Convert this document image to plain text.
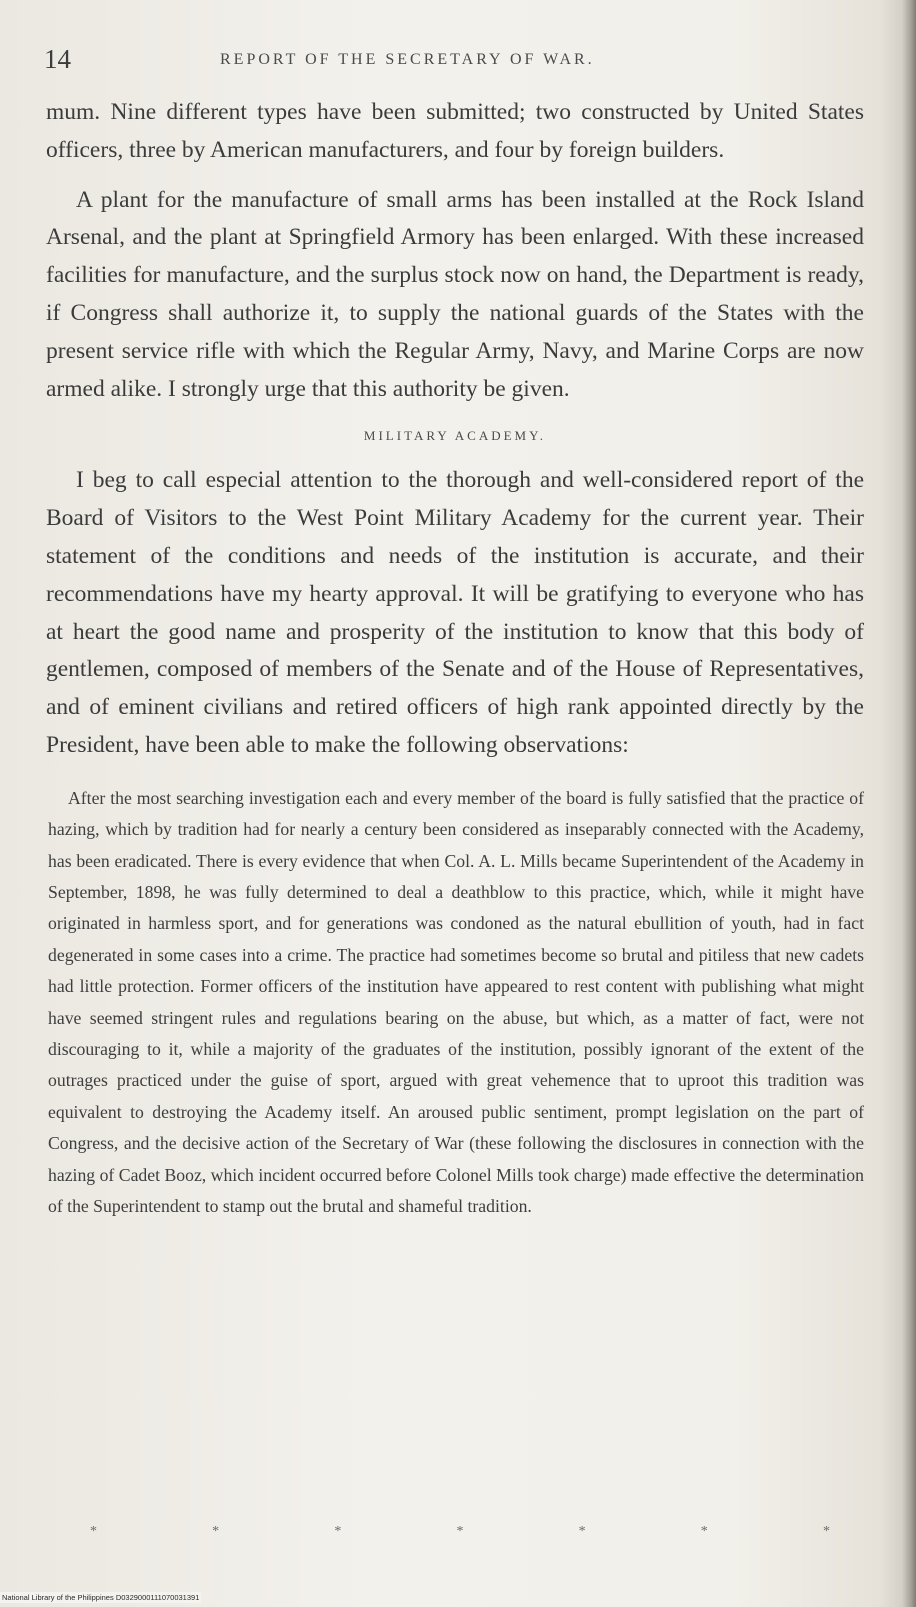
14	REPORT OF THE SECRETARY OF WAR.

mum. Nine different types have been submitted; two constructed by United States officers, three by American manufacturers, and four by foreign builders.

A plant for the manufacture of small arms has been installed at the Rock Island Arsenal, and the plant at Springfield Armory has been enlarged. With these increased facilities for manufacture, and the surplus stock now on hand, the Department is ready, if Congress shall authorize it, to supply the national guards of the States with the present service rifle with which the Regular Army, Navy, and Marine Corps are now armed alike. I strongly urge that this authority be given.

MILITARY ACADEMY.

I beg to call especial attention to the thorough and well-considered report of the Board of Visitors to the West Point Military Academy for the current year. Their statement of the conditions and needs of the institution is accurate, and their recommendations have my hearty approval. It will be gratifying to everyone who has at heart the good name and prosperity of the institution to know that this body of gentlemen, composed of members of the Senate and of the House of Representatives, and of eminent civilians and retired officers of high rank appointed directly by the President, have been able to make the following observations:

After the most searching investigation each and every member of the board is fully satisfied that the practice of hazing, which by tradition had for nearly a century been considered as inseparably connected with the Academy, has been eradicated. There is every evidence that when Col. A. L. Mills became Superintendent of the Academy in September, 1898, he was fully determined to deal a deathblow to this practice, which, while it might have originated in harmless sport, and for generations was condoned as the natural ebullition of youth, had in fact degenerated in some cases into a crime. The practice had sometimes become so brutal and pitiless that new cadets had little protection. Former officers of the institution have appeared to rest content with publishing what might have seemed stringent rules and regulations bearing on the abuse, but which, as a matter of fact, were not discouraging to it, while a majority of the graduates of the institution, possibly ignorant of the extent of the outrages practiced under the guise of sport, argued with great vehemence that to uproot this tradition was equivalent to destroying the Academy itself. An aroused public sentiment, prompt legislation on the part of Congress, and the decisive action of the Secretary of War (these following the disclosures in connection with the hazing of Cadet Booz, which incident occurred before Colonel Mills took charge) made effective the determination of the Superintendent to stamp out the brutal and shameful tradition.

*	*	*	*	*	*	*
National Library of the Philippines D0329000111070031391
